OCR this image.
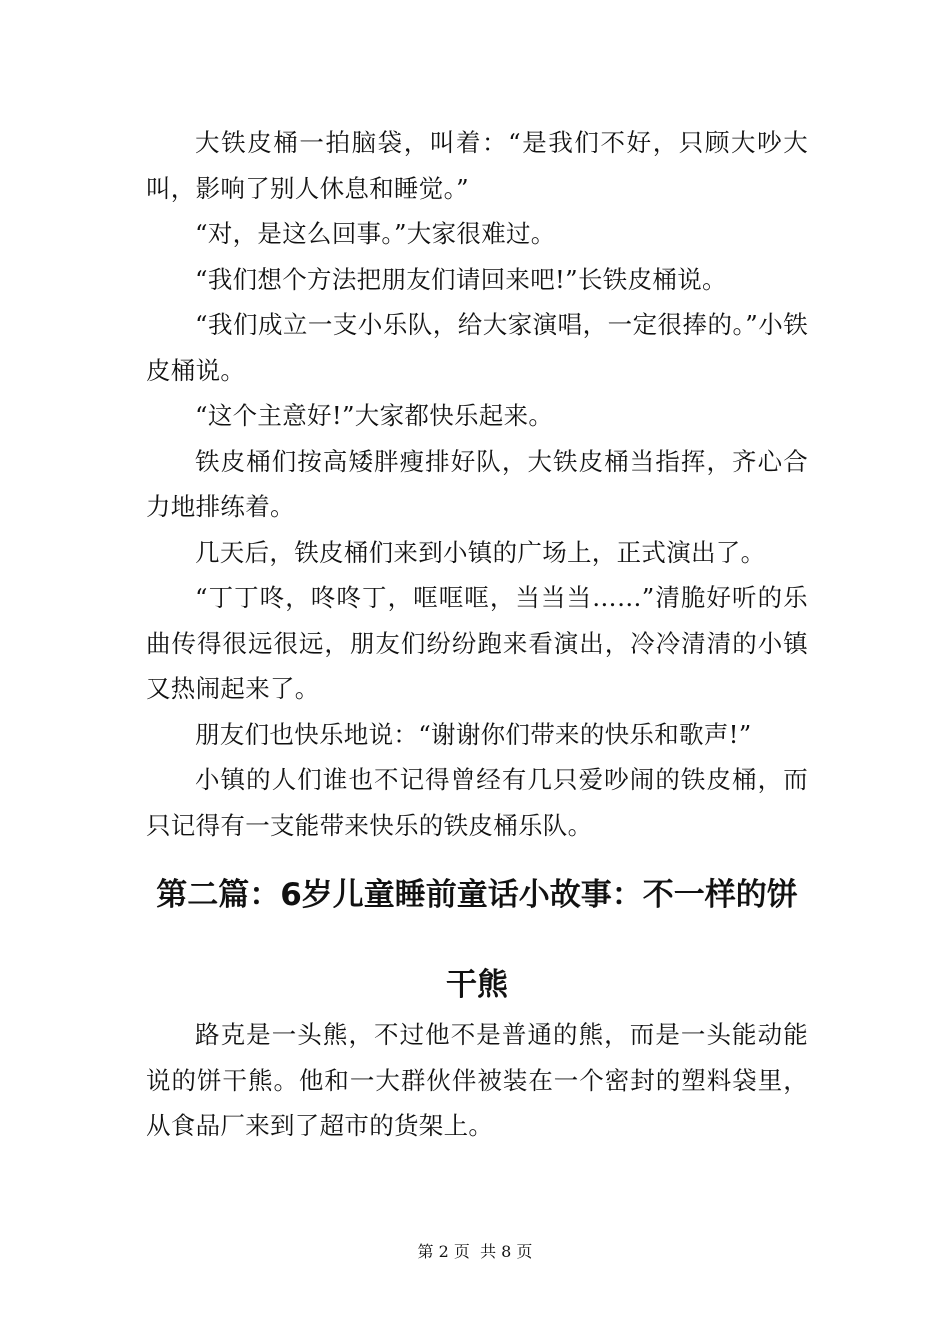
大铁皮桶一拍脑袋，叫着：“是我们不好，只顾大吵大叫，影响了别人休息和睡觉。”

“对，是这么回事。”大家很难过。

“我们想个方法把朋友们请回来吧!”长铁皮桶说。

“我们成立一支小乐队，给大家演唱，一定很捧的。”小铁皮桶说。

“这个主意好!”大家都快乐起来。

铁皮桶们按高矮胖瘦排好队，大铁皮桶当指挥，齐心合力地排练着。

几天后，铁皮桶们来到小镇的广场上，正式演出了。

“丁丁咚，咚咚丁，哐哐哐，当当当……”清脆好听的乐曲传得很远很远，朋友们纷纷跑来看演出，冷冷清清的小镇又热闹起来了。

朋友们也快乐地说：“谢谢你们带来的快乐和歌声!”

小镇的人们谁也不记得曾经有几只爱吵闹的铁皮桶，而只记得有一支能带来快乐的铁皮桶乐队。

第二篇：6岁儿童睡前童话小故事：不一样的饼干熊

路克是一头熊，不过他不是普通的熊，而是一头能动能说的饼干熊。他和一大群伙伴被装在一个密封的塑料袋里，从食品厂来到了超市的货架上。

第 2 页  共 8 页
